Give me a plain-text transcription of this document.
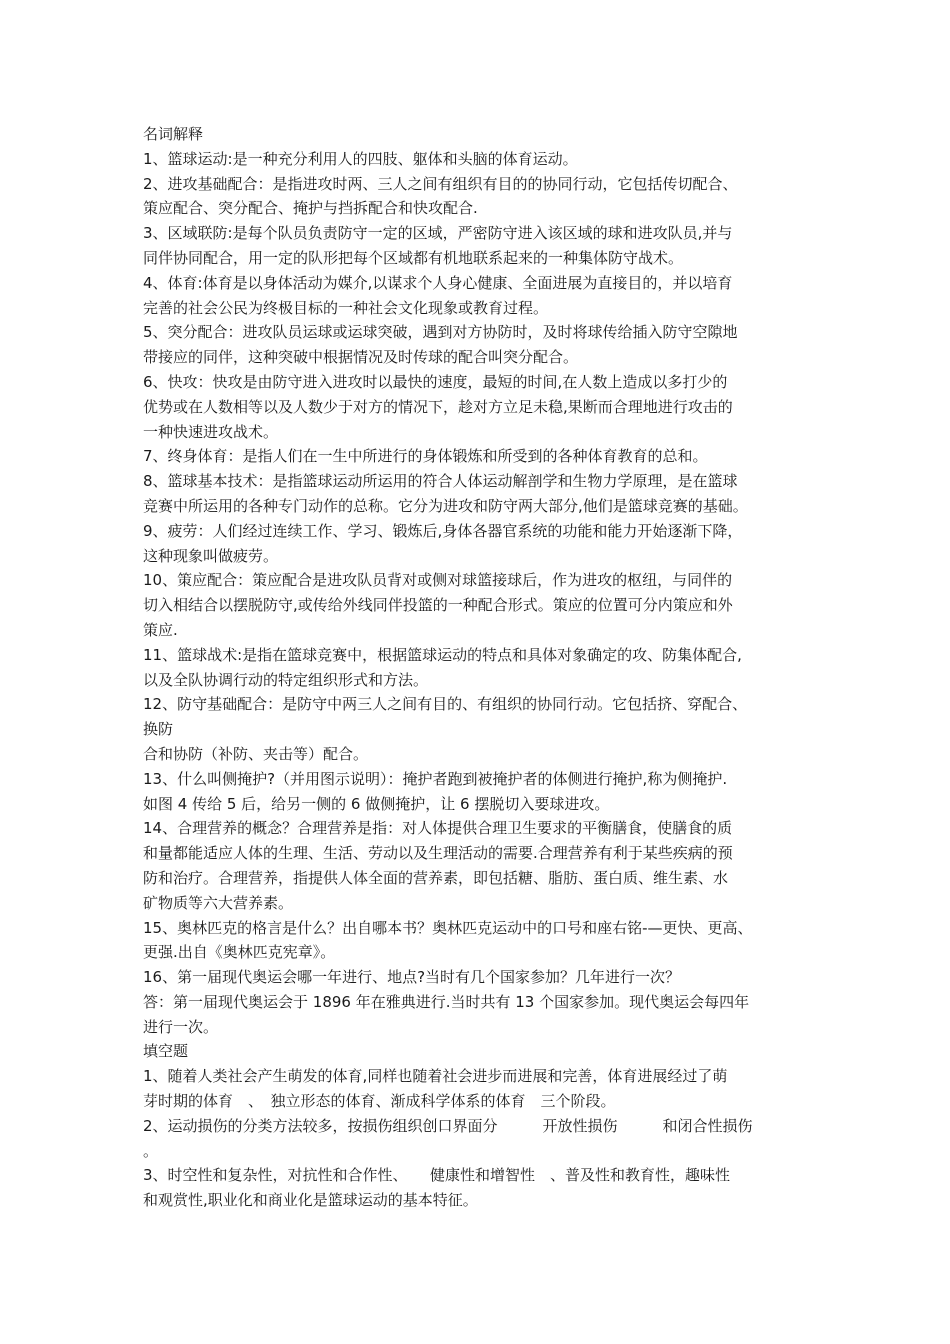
名词解释
1、篮球运动:是一种充分利用人的四肢、躯体和头脑的体育运动。
2、进攻基础配合：是指进攻时两、三人之间有组织有目的的协同行动，它包括传切配合、
策应配合、突分配合、掩护与挡拆配合和快攻配合.
3、区域联防:是每个队员负责防守一定的区域，严密防守进入该区域的球和进攻队员,并与
同伴协同配合，用一定的队形把每个区域都有机地联系起来的一种集体防守战术。
4、体育:体育是以身体活动为媒介,以谋求个人身心健康、全面进展为直接目的，并以培育
完善的社会公民为终极目标的一种社会文化现象或教育过程。
5、突分配合：进攻队员运球或运球突破，遇到对方协防时，及时将球传给插入防守空隙地
带接应的同伴，这种突破中根据情况及时传球的配合叫突分配合。
6、快攻：快攻是由防守进入进攻时以最快的速度，最短的时间,在人数上造成以多打少的
优势或在人数相等以及人数少于对方的情况下，趁对方立足未稳,果断而合理地进行攻击的
一种快速进攻战术。
7、终身体育：是指人们在一生中所进行的身体锻炼和所受到的各种体育教育的总和。
8、篮球基本技术：是指篮球运动所运用的符合人体运动解剖学和生物力学原理，是在篮球
竞赛中所运用的各种专门动作的总称。它分为进攻和防守两大部分,他们是篮球竞赛的基础。
9、疲劳：人们经过连续工作、学习、锻炼后,身体各器官系统的功能和能力开始逐渐下降，
这种现象叫做疲劳。
10、策应配合：策应配合是进攻队员背对或侧对球篮接球后，作为进攻的枢纽，与同伴的
切入相结合以摆脱防守,或传给外线同伴投篮的一种配合形式。策应的位置可分内策应和外
策应.
11、篮球战术:是指在篮球竞赛中，根据篮球运动的特点和具体对象确定的攻、防集体配合,
以及全队协调行动的特定组织形式和方法。
12、防守基础配合：是防守中两三人之间有目的、有组织的协同行动。它包括挤、穿配合、
换防
合和协防（补防、夹击等）配合。
13、什么叫侧掩护?（并用图示说明）：掩护者跑到被掩护者的体侧进行掩护,称为侧掩护.
如图 4 传给 5 后，给另一侧的 6 做侧掩护，让 6 摆脱切入要球进攻。
14、合理营养的概念？合理营养是指：对人体提供合理卫生要求的平衡膳食，使膳食的质
和量都能适应人体的生理、生活、劳动以及生理活动的需要.合理营养有利于某些疾病的预
防和治疗。合理营养，指提供人体全面的营养素，即包括糖、脂肪、蛋白质、维生素、水
矿物质等六大营养素。
15、奥林匹克的格言是什么？出自哪本书？奥林匹克运动中的口号和座右铭-—更快、更高、
更强.出自《奥林匹克宪章》。
16、第一届现代奥运会哪一年进行、地点?当时有几个国家参加？几年进行一次？
答：第一届现代奥运会于 1896 年在雅典进行.当时共有 13 个国家参加。现代奥运会每四年
进行一次。
填空题
1、随着人类社会产生萌发的体育,同样也随着社会进步而进展和完善，体育进展经过了萌
芽时期的体育　、　独立形态的体育、渐成科学体系的体育　三个阶段。
2、运动损伤的分类方法较多，按损伤组织创口界面分　　　开放性损伤　　　和闭合性损伤
。
3、时空性和复杂性，对抗性和合作性、　　健康性和增智性　、普及性和教育性，趣味性
和观赏性,职业化和商业化是篮球运动的基本特征。
